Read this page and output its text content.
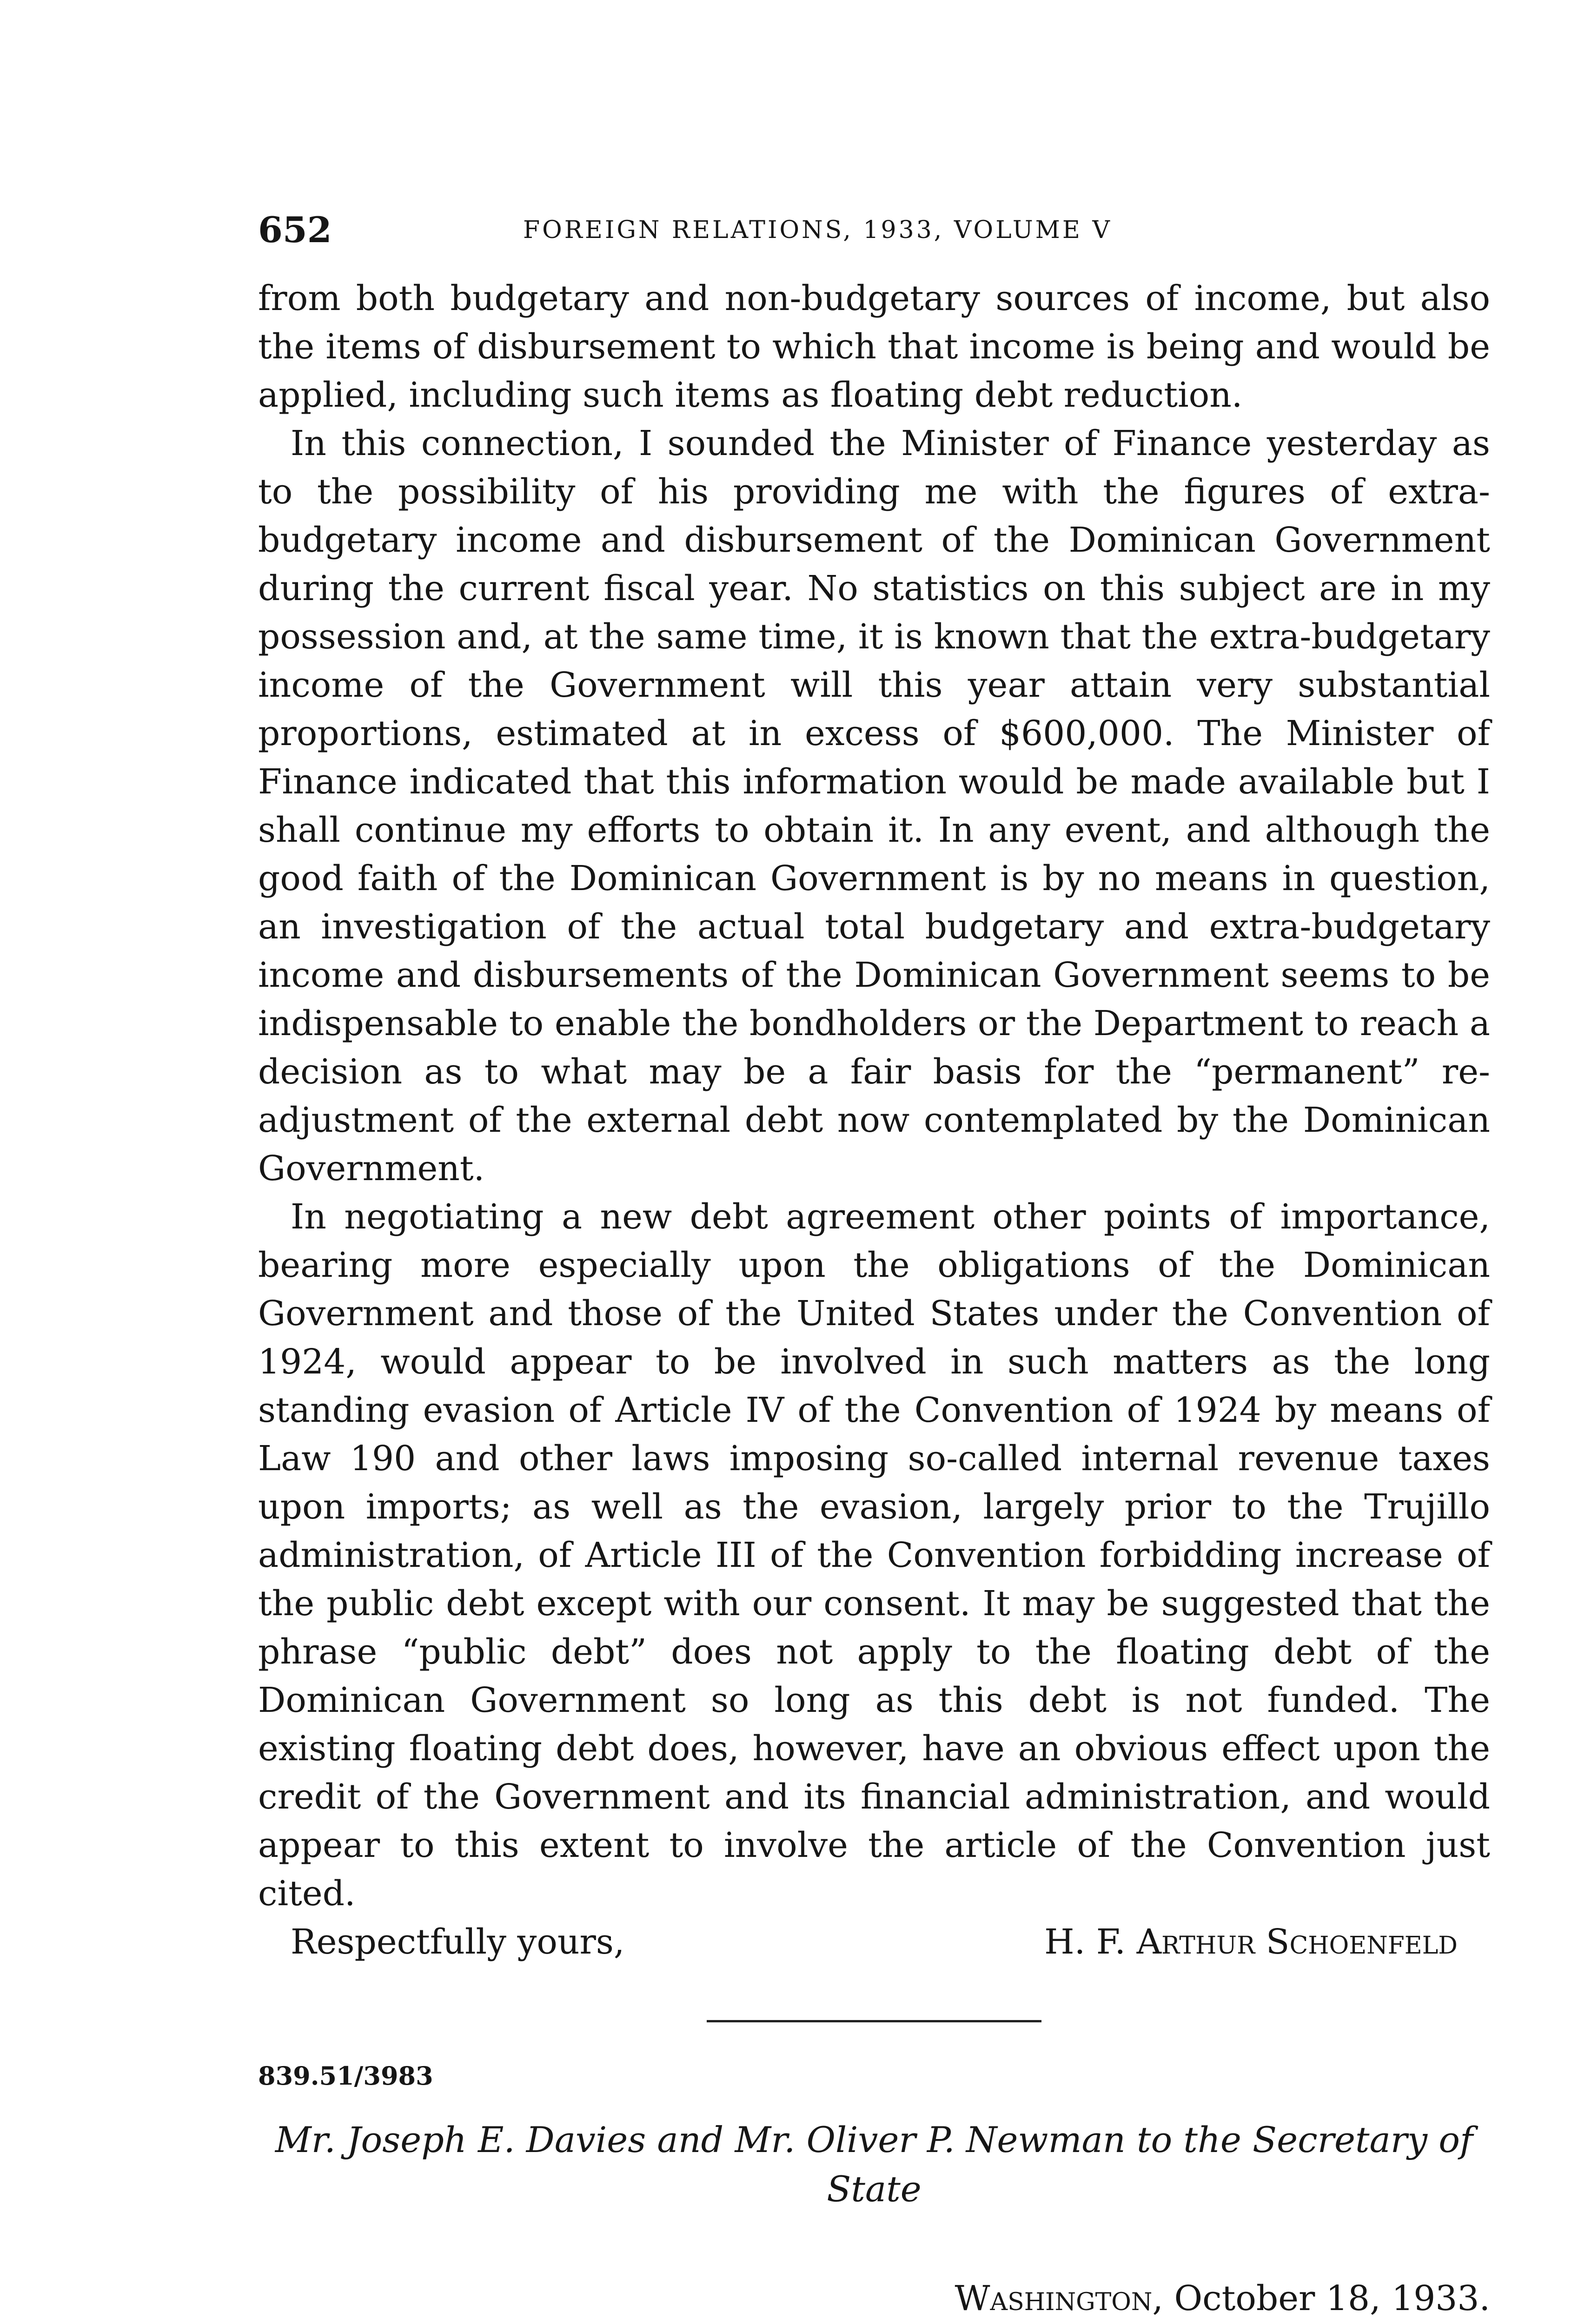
652	FOREIGN RELATIONS, 1933, VOLUME V

from both budgetary and non-budgetary sources of income, but also the items of disbursement to which that income is being and would be applied, including such items as floating debt reduction.

In this connection, I sounded the Minister of Finance yesterday as to the possibility of his providing me with the figures of extra-budgetary income and disbursement of the Dominican Government during the current fiscal year. No statistics on this subject are in my possession and, at the same time, it is known that the extra-budgetary income of the Government will this year attain very substantial proportions, estimated at in excess of $600,000. The Minister of Finance indicated that this information would be made available but I shall continue my efforts to obtain it. In any event, and although the good faith of the Dominican Government is by no means in question, an investigation of the actual total budgetary and extra-budgetary income and disbursements of the Dominican Government seems to be indispensable to enable the bondholders or the Department to reach a decision as to what may be a fair basis for the “permanent” re-adjustment of the external debt now contemplated by the Dominican Government.

In negotiating a new debt agreement other points of importance, bearing more especially upon the obligations of the Dominican Government and those of the United States under the Convention of 1924, would appear to be involved in such matters as the long standing evasion of Article IV of the Convention of 1924 by means of Law 190 and other laws imposing so-called internal revenue taxes upon imports; as well as the evasion, largely prior to the Trujillo administration, of Article III of the Convention forbidding increase of the public debt except with our consent. It may be suggested that the phrase “public debt” does not apply to the floating debt of the Dominican Government so long as this debt is not funded. The existing floating debt does, however, have an obvious effect upon the credit of the Government and its financial administration, and would appear to this extent to involve the article of the Convention just cited.

Respectfully yours,	H. F. Arthur Schoenfeld

839.51/3983

Mr. Joseph E. Davies and Mr. Oliver P. Newman to the Secretary of State

Washington, October 18, 1933.
